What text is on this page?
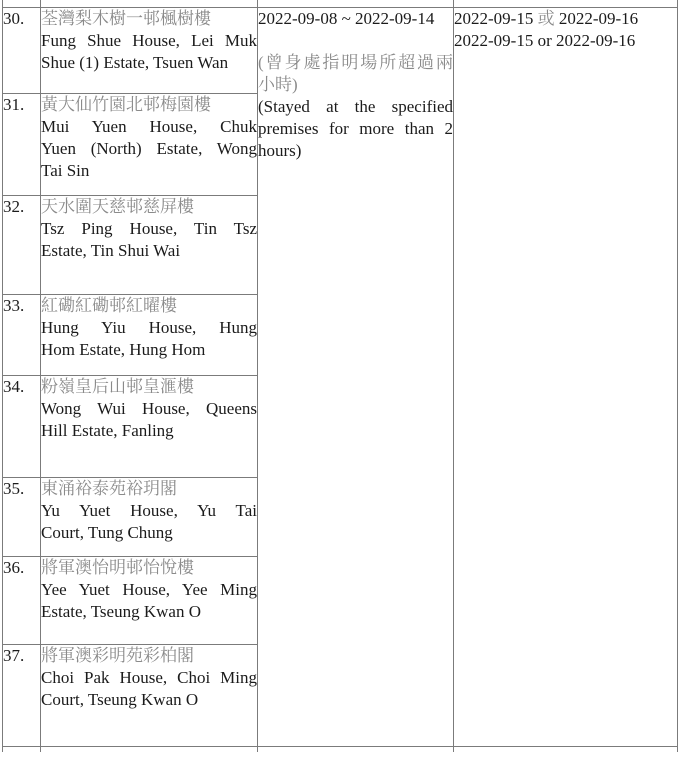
30.	荃灣梨木樹一邨楓樹樓
Fung Shue House, Lei Muk
Shue (1) Estate, Tsuen Wan

2022-09-08 ~ 2022-09-14
(曾身處指明場所超過兩
小時)
(Stayed at the specified
premises for more than 2
hours)

2022-09-15 或 2022-09-16
2022-09-15 or 2022-09-16

31.	黃大仙竹園北邨梅園樓
Mui Yuen House, Chuk
Yuen (North) Estate, Wong
Tai Sin		

32.	天水圍天慈邨慈屏樓
Tsz Ping House, Tin Tsz
Estate, Tin Shui Wai		

33.	紅磡紅磡邨紅曜樓
Hung Yiu House, Hung
Hom Estate, Hung Hom		

34.	粉嶺皇后山邨皇滙樓
Wong Wui House, Queens
Hill Estate, Fanling		

35.	東涌裕泰苑裕玥閣
Yu Yuet House, Yu Tai
Court, Tung Chung		

36.	將軍澳怡明邨怡悅樓
Yee Yuet House, Yee Ming
Estate, Tseung Kwan O		

37.	將軍澳彩明苑彩柏閣
Choi Pak House, Choi Ming
Court, Tseung Kwan O		
